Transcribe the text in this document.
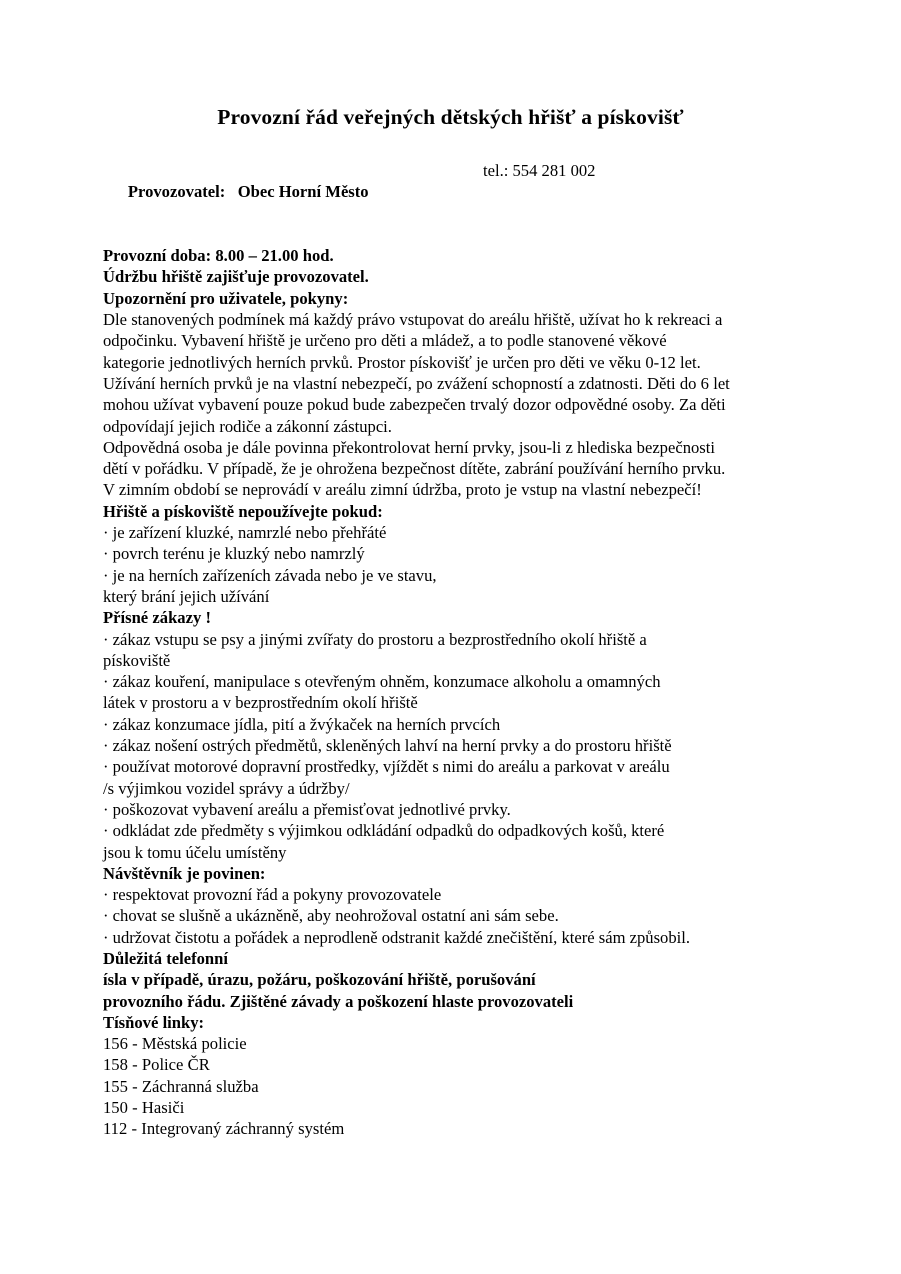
Provozní řád veřejných dětských hřišť a pískovišť

Provozovatel:   Obec Horní Město

tel.: 554 281 002

Provozní doba: 8.00 – 21.00 hod.
Údržbu hřiště zajišťuje provozovatel.
Upozornění pro uživatele, pokyny:
Dle stanovených podmínek má každý právo vstupovat do areálu hřiště, užívat ho k rekreaci a
odpočinku. Vybavení hřiště je určeno pro děti a mládež, a to podle stanovené věkové
kategorie jednotlivých herních prvků. Prostor pískovišť je určen pro děti ve věku 0-12 let.
Užívání herních prvků je na vlastní nebezpečí, po zvážení schopností a zdatnosti. Děti do 6 let
mohou užívat vybavení pouze pokud bude zabezpečen trvalý dozor odpovědné osoby. Za děti
odpovídají jejich rodiče a zákonní zástupci.
Odpovědná osoba je dále povinna překontrolovat herní prvky, jsou-li z hlediska bezpečnosti
dětí v pořádku. V případě, že je ohrožena bezpečnost dítěte, zabrání používání herního prvku.
V zimním období se neprovádí v areálu zimní údržba, proto je vstup na vlastní nebezpečí!
Hřiště a pískoviště nepoužívejte pokud:
· je zařízení kluzké, namrzlé nebo přehřáté
· povrch terénu je kluzký nebo namrzlý
· je na herních zařízeních závada nebo je ve stavu,
který brání jejich užívání
Přísné zákazy !
· zákaz vstupu se psy a jinými zvířaty do prostoru a bezprostředního okolí hřiště a
pískoviště
· zákaz kouření, manipulace s otevřeným ohněm, konzumace alkoholu a omamných
látek v prostoru a v bezprostředním okolí hřiště
· zákaz konzumace jídla, pití a žvýkaček na herních prvcích
· zákaz nošení ostrých předmětů, skleněných lahví na herní prvky a do prostoru hřiště
· používat motorové dopravní prostředky, vjíždět s nimi do areálu a parkovat v areálu
/s výjimkou vozidel správy a údržby/
· poškozovat vybavení areálu a přemisťovat jednotlivé prvky.
· odkládat zde předměty s výjimkou odkládání odpadků do odpadkových košů, které
jsou k tomu účelu umístěny
Návštěvník je povinen:
· respektovat provozní řád a pokyny provozovatele
· chovat se slušně a ukázněně, aby neohrožoval ostatní ani sám sebe.
· udržovat čistotu a pořádek a neprodleně odstranit každé znečištění, které sám způsobil.
Důležitá telefonní
ísla v případě, úrazu, požáru, poškozování hřiště, porušování
provozního řádu. Zjištěné závady a poškození hlaste provozovateli
Tísňové linky:
156 - Městská policie
158 - Police ČR
155 - Záchranná služba
150 - Hasiči
112 - Integrovaný záchranný systém
